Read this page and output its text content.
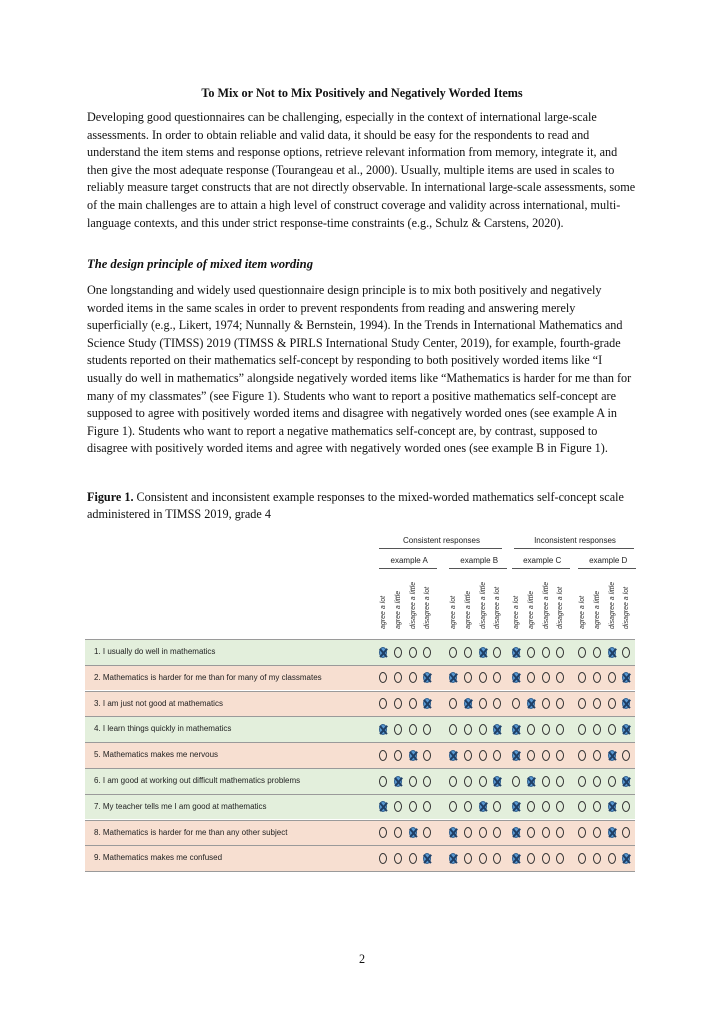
To Mix or Not to Mix Positively and Negatively Worded Items

Developing good questionnaires can be challenging, especially in the context of international large-scale assessments. In order to obtain reliable and valid data, it should be easy for the respondents to read and understand the item stems and response options, retrieve relevant information from memory, integrate it, and then give the most adequate response (Tourangeau et al., 2000). Usually, multiple items are used in scales to reliably measure target constructs that are not directly observable. In international large-scale assessments, some of the main challenges are to attain a high level of construct coverage and validity across international, multi-language contexts, and this under strict response-time constraints (e.g., Schulz & Carstens, 2020).

The design principle of mixed item wording

One longstanding and widely used questionnaire design principle is to mix both positively and negatively worded items in the same scales in order to prevent respondents from reading and answering merely superficially (e.g., Likert, 1974; Nunnally & Bernstein, 1994). In the Trends in International Mathematics and Science Study (TIMSS) 2019 (TIMSS & PIRLS International Study Center, 2019), for example, fourth-grade students reported on their mathematics self-concept by responding to both positively worded items like “I usually do well in mathematics” alongside negatively worded items like “Mathematics is harder for me than for many of my classmates” (see Figure 1). Students who want to report a positive mathematics self-concept are supposed to agree with positively worded items and disagree with negatively worded ones (see example A in Figure 1). Students who want to report a negative mathematics self-concept are, by contrast, supposed to disagree with positively worded items and agree with negatively worded ones (see example B in Figure 1).

Figure 1. Consistent and inconsistent example responses to the mixed-worded mathematics self-concept scale administered in TIMSS 2019, grade 4

Consistent responses	Inconsistent responses
example A
agree a lot agree a little disagree a little disagree a lot
example B
agree a lot agree a little disagree a little disagree a lot
example C
agree a lot agree a little disagree a little disagree a lot
example D
agree a lot agree a little disagree a little disagree a lot
1. I usually do well in mathematics
2. Mathematics is harder for me than for many of my classmates
3. I am just not good at mathematics
4. I learn things quickly in mathematics
5. Mathematics makes me nervous
6. I am good at working out difficult mathematics problems
7. My teacher tells me I am good at mathematics
8. Mathematics is harder for me than any other subject
9. Mathematics makes me confused
2
